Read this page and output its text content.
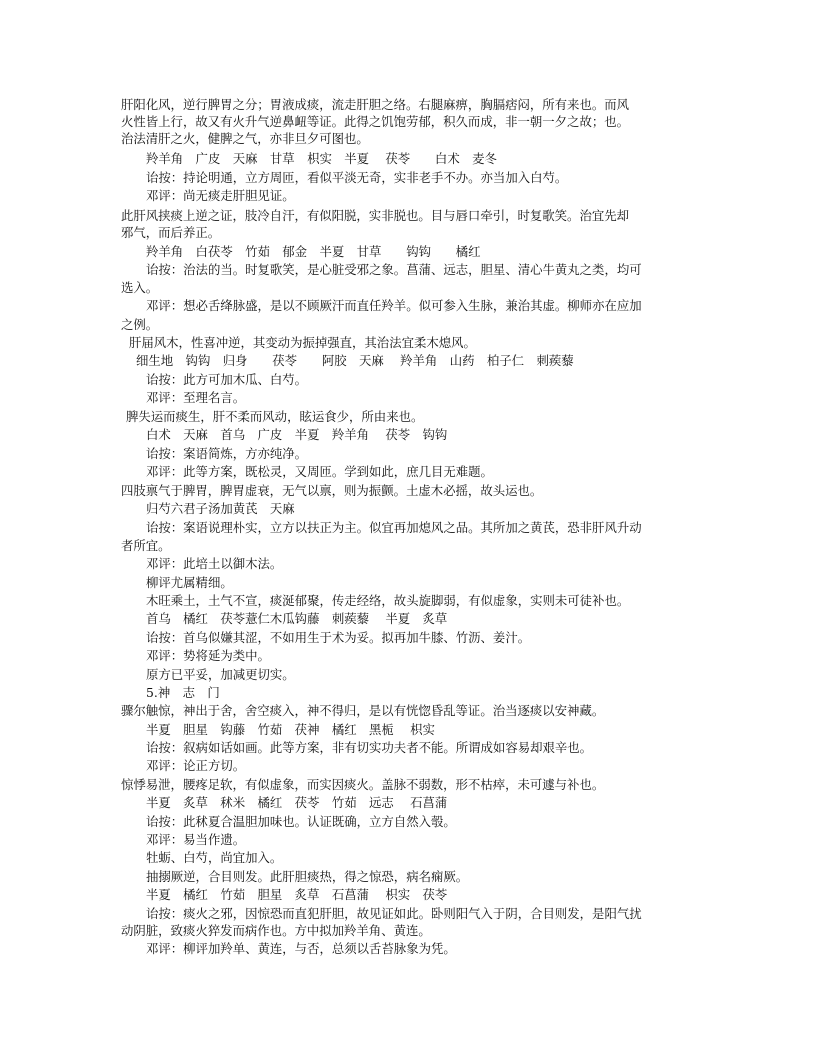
肝阳化风，逆行脾胃之分；胃液成痰，流走肝胆之络。右腿麻痹，胸膈痞闷，所有来也。而风
火性皆上行，故又有火升气逆鼻衄等证。此得之饥饱劳郁，积久而成，非一朝一夕之故；也。
治法清肝之火，健脾之气，亦非旦夕可图也。
羚羊角　广皮　天麻　甘草　枳实　半夏　 茯苓　　白术　麦冬
诒按：持论明通，立方周匝，看似平淡无奇，实非老手不办。亦当加入白芍。
邓评：尚无痰走肝胆见证。
此肝风挟痰上逆之证，肢冷自汗，有似阳脱，实非脱也。目与唇口牵引，时复歌笑。治宜先却
邪气，而后养正。
羚羊角　白茯苓　竹茹　郁金　半夏　甘草　　钩钩　　橘红
诒按：治法的当。时复歌笑，是心脏受邪之象。菖蒲、远志，胆星、清心牛黄丸之类，均可
选入。
邓评：想必舌绛脉盛，是以不顾厥汗而直任羚羊。似可参入生脉，兼治其虚。柳师亦在应加
之例。
肝届风木，性喜冲逆，其变动为振掉强直，其治法宜柔木熄风。
细生地　钩钩　归身　　茯苓　　阿胶　天麻　 羚羊角　山药　柏子仁　刺蒺藜
诒按：此方可加木瓜、白芍。
邓评：至理名言。
脾失运而痰生，肝不柔而风动，眩运食少，所由来也。
白术　天麻　首乌　广皮　半夏　羚羊角　 茯苓　钩钩
诒按：案语简炼，方亦纯净。
邓评：此等方案，既松灵，又周匝。学到如此，庶几目无难题。
四肢禀气于脾胃，脾胃虚衰，无气以禀，则为振颤。土虚木必摇，故头运也。
归芍六君子汤加黄芪　天麻
诒按：案语说理朴实，立方以扶正为主。似宜再加熄风之品。其所加之黄芪，恐非肝风升动
者所宜。
邓评：此培土以御木法。
柳评尤属精细。
木旺乘土，土气不宣，痰涎郁聚，传走经络，故头旋脚弱，有似虚象，实则未可徒补也。
首乌　橘红　茯苓薏仁木瓜钩藤　刺蒺藜　 半夏　炙草
诒按：首乌似嫌其涩，不如用生于术为妥。拟再加牛膝、竹沥、姜汁。
邓评：势将延为类中。
原方已平妥，加减更切实。
5.神　志　门
骤尔触惊，神出于舍，舍空痰入，神不得归，是以有恍惚昏乱等证。治当逐痰以安神藏。
半夏　胆星　钩藤　竹茹　茯神　橘红　黑栀　 枳实
诒按：叙病如话如画。此等方案，非有切实功夫者不能。所谓成如容易却艰辛也。
邓评：论正方切。
惊悸易泄，腰疼足软，有似虚象，而实因痰火。盖脉不弱数，形不枯瘁，未可遽与补也。
半夏　炙草　秫米　橘红　茯苓　竹茹　远志　 石菖蒲
诒按：此秫夏合温胆加味也。认证既确，立方自然入彀。
邓评：易当作遗。
牡蛎、白芍，尚宜加入。
抽搦厥逆，合目则发。此肝胆痰热，得之惊恐，病名痫厥。
半夏　橘红　竹茹　胆星　炙草　石菖蒲　 枳实　茯苓
诒按：痰火之邪，因惊恐而直犯肝胆，故见证如此。卧则阳气入于阴，合目则发，是阳气扰
动阴脏，致痰火猝发而病作也。方中拟加羚羊角、黄连。
邓评：柳评加羚单、黄连，与否，总须以舌苔脉象为凭。
